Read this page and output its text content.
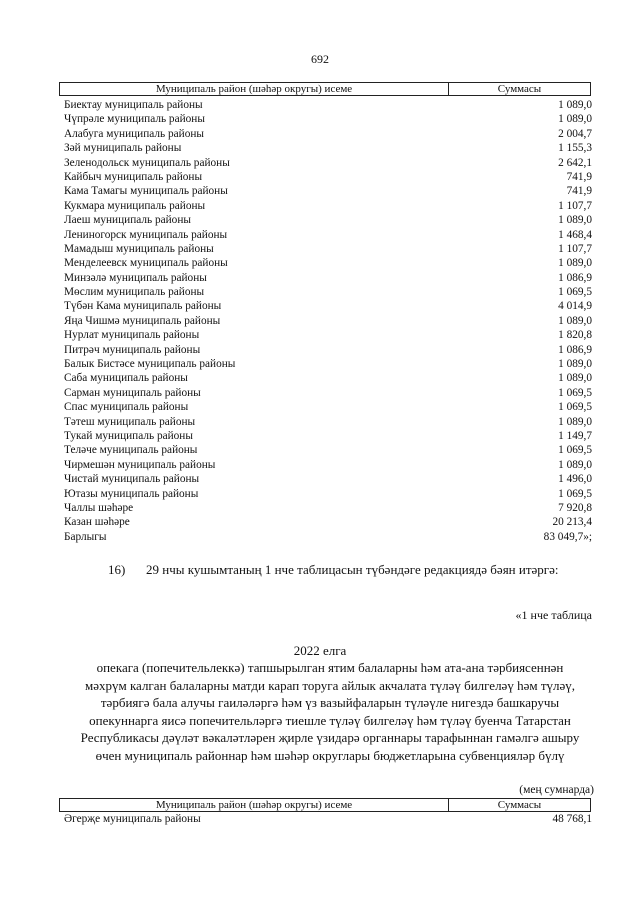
692
Муниципаль район (шәһәр округы) исеме	Суммасы
Биектау муниципаль районы	1 089,0
Чүпрәле муниципаль районы	1 089,0
Алабуга муниципаль районы	2 004,7
Зәй муниципаль районы	1 155,3
Зеленодольск муниципаль районы	2 642,1
Кайбыч муниципаль районы	741,9
Кама Тамагы муниципаль районы	741,9
Кукмара муниципаль районы	1 107,7
Лаеш муниципаль районы	1 089,0
Лениногорск муниципаль районы	1 468,4
Мамадыш муниципаль районы	1 107,7
Менделеевск муниципаль районы	1 089,0
Минзәлә муниципаль районы	1 086,9
Мөслим муниципаль районы	1 069,5
Түбән Кама муниципаль районы	4 014,9
Яңа Чишмә муниципаль районы	1 089,0
Нурлат муниципаль районы	1 820,8
Питрәч муниципаль районы	1 086,9
Балык Бистәсе муниципаль районы	1 089,0
Саба муниципаль районы	1 089,0
Сарман муниципаль районы	1 069,5
Спас муниципаль районы	1 069,5
Тәтеш муниципаль районы	1 089,0
Тукай муниципаль районы	1 149,7
Теләче муниципаль районы	1 069,5
Чирмешән муниципаль районы	1 089,0
Чистай муниципаль районы	1 496,0
Ютазы муниципаль районы	1 069,5
Чаллы шәһәре	7 920,8
Казан шәһәре	20 213,4
Барлыгы	83 049,7»;
16) 29 нчы кушымтаның 1 нче таблицасын түбәндәге редакциядә бәян итәргә:
«1 нче таблица
2022 елга
опекага (попечительлеккә) тапшырылган ятим балаларны һәм ата-ана тәрбиясеннән мәхрүм калган балаларны матди карап торуга айлык акчалата түләү билгеләү һәм түләү, тәрбиягә бала алучы гаиләләргә һәм үз вазыйфаларын түләүле нигездә башкаручы опекуннарга яисә попечительләргә тиешле түләү билгеләү һәм түләү буенча Татарстан Республикасы дәүләт вәкаләтләрен җирле үзидарә органнары тарафыннан гамәлгә ашыру өчен муниципаль районнар һәм шәһәр округлары бюджетларына субвенцияләр бүлү
(мең сумнарда)
Муниципаль район (шәһәр округы) исеме	Суммасы
Әгерҗе муниципаль районы	48 768,1
